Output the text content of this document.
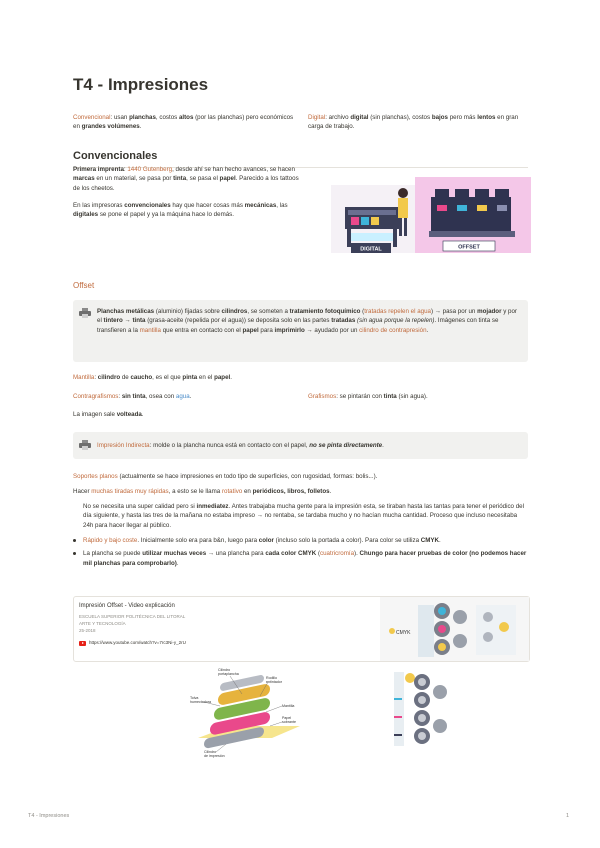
T4 - Impresiones
Convencional: usan planchas, costos altos (por las planchas) pero económicos en grandes volúmenes.
Digital: archivo digital (sin planchas), costos bajos pero más lentos en gran carga de trabajo.
Convencionales
Primera imprenta: 1440 Gutenberg, desde ahí se han hecho avances, se hacen marcas en un material, se pasa por tinta, se pasa el papel. Parecido a los tattoos de los cheetos.
En las impresoras convencionales hay que hacer cosas más mecánicas, las digitales se pone el papel y ya la máquina hace lo demás.
DIGITAL	OFFSET
Offset
Planchas metálicas (aluminio) fijadas sobre cilindros, se someten a tratamiento fotoquímico (tratadas repelen el agua) → pasa por un mojador y por el tintero → tinta (grasa-aceite (repelida por el agua)) se deposita solo en las partes tratadas (sin agua porque la repelen). Imágenes con tinta se transfieren a la mantilla que entra en contacto con el papel para imprimirlo → ayudado por un cilindro de contrapresión.
Mantilla: cilindro de caucho, es el que pinta en el papel.
Contragrafismos: sin tinta, osea con agua.	Grafismos: se pintarán con tinta (sin agua).
La imagen sale volteada.
Impresión Indirecta: molde o la plancha nunca está en contacto con el papel, no se pinta directamente.
Soportes planos (actualmente se hace impresiones en todo tipo de superficies, con rugosidad, formas: bolis...).
Hacer muchas tiradas muy rápidas, a esto se le llama rotativo en periódicos, libros, folletos.
No se necesita una super calidad pero si inmediatez. Antes trabajaba mucha gente para la impresión esta, se tiraban hasta las tantas para tener el periódico del día siguiente, y hasta las tres de la mañana no estaba impreso → no rentaba, se tardaba mucho y no hacían mucha cantidad. Proceso que incluso necesitaba 24h para hacer llegar al público.
Rápido y bajo coste. Inicialmente solo era para b&n, luego para color (incluso solo la portada a color). Para color se utiliza CMYK.
La plancha se puede utilizar muchas veces → una plancha para cada color CMYK (cuatricromía). Chungo para hacer pruebas de color (no podemos hacer mil planchas para comprobarlo).
Impresión Offset - Video explicación
ESCUELA SUPERIOR POLITÉCNICA DEL LITORAL
ARTE Y TECNOLOGÍA
25-2018
https://www.youtube.com/watch?v=7rc3Ni-y_2rU
CMYK
Cilindro
portaplancha
Rodillo
entintador
Tolva
humectadora
Mantilla
Papel
sobrante
Cilindro
de impresión
T4 - Impresiones	1
